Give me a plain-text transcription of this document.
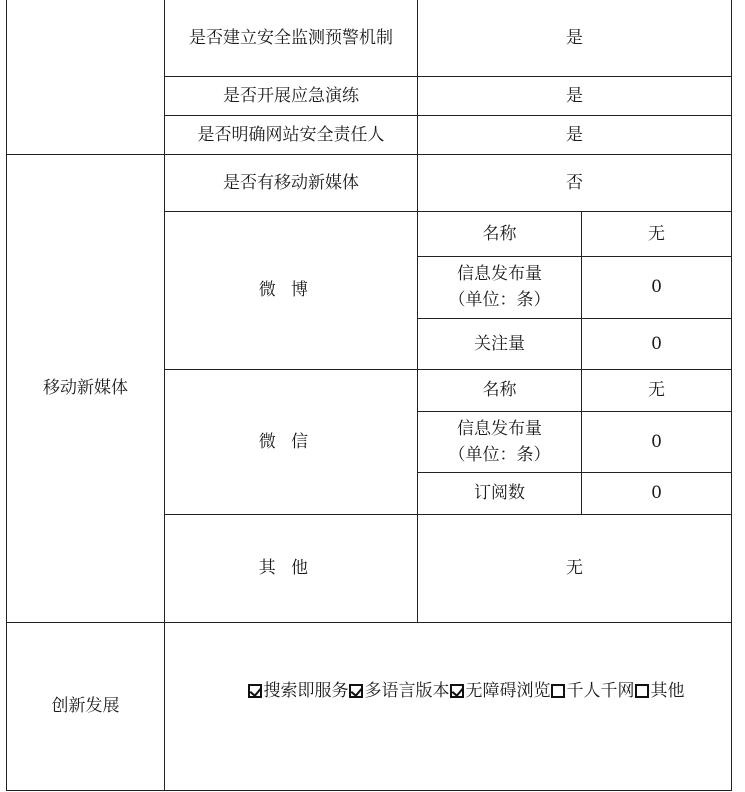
	是否建立安全监测预警机制	是	
	是否开展应急演练	是	
	是否明确网站安全责任人	是	
移动新媒体	是否有移动新媒体	否	
	微博	名称	无

		信息发布量
（单位：条）	0
		关注量	0
	微信	名称	无

		信息发布量
（单位：条）	0
		订阅数	0
	其他	无	
创新发展	搜索即服务 多语言版本 无障碍浏览 千人千网 其他		
